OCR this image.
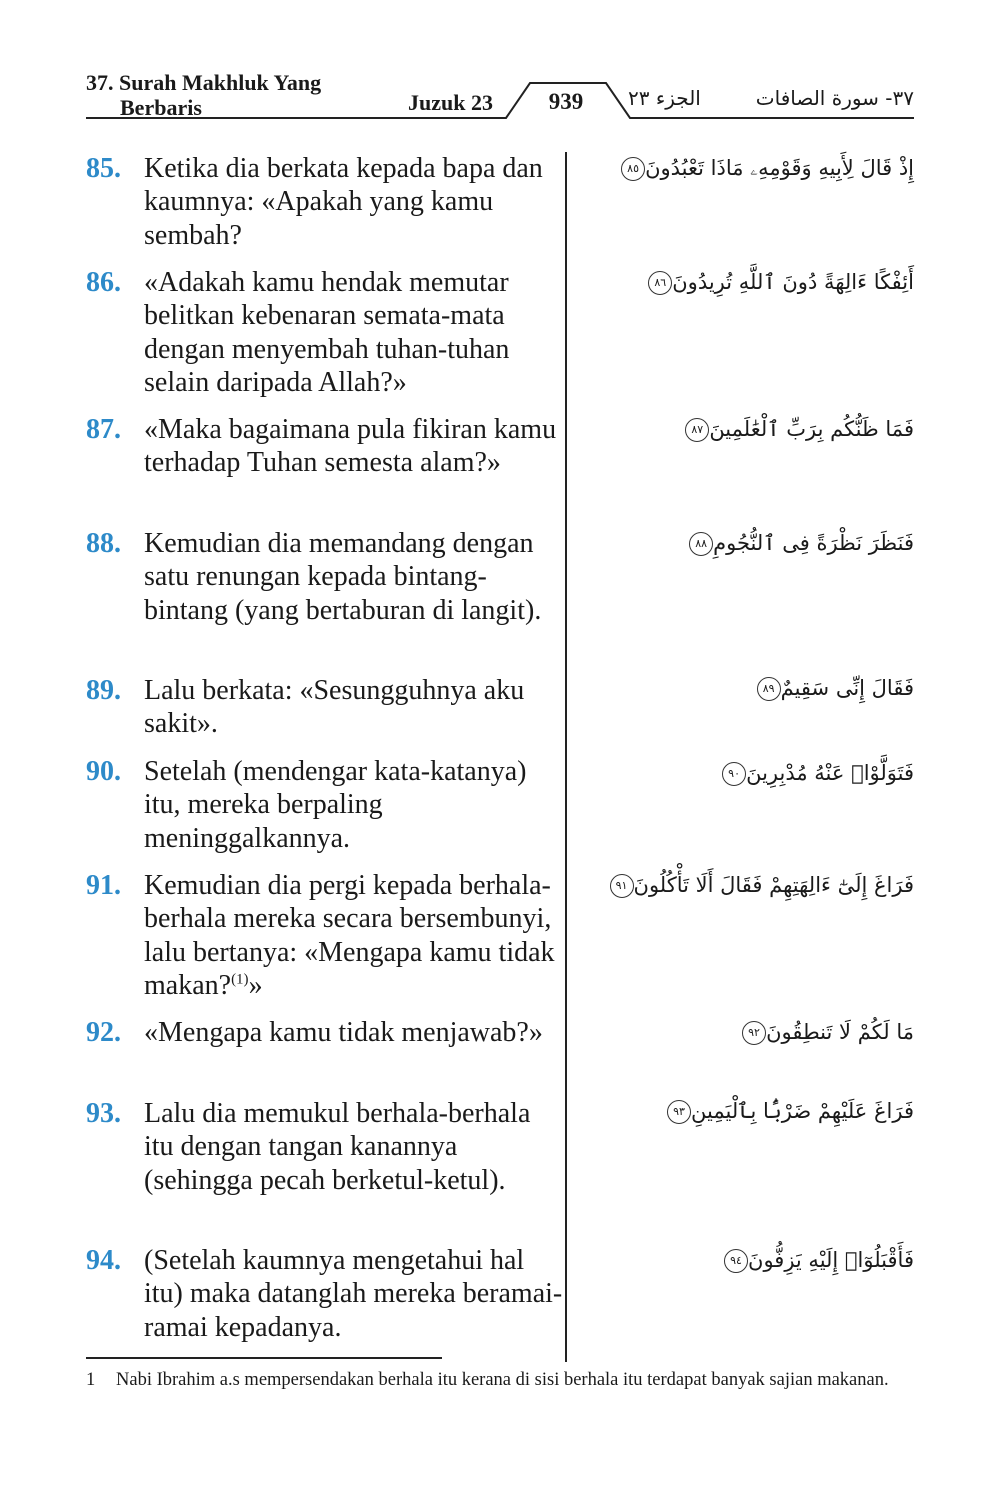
37. Surah Makhluk Yang
Berbaris	Juzuk 23	939	الجزء ٢٣	٣٧- سورة الصافات
85. Ketika dia berkata kepada bapa dan kaumnya: «Apakah yang kamu sembah?
إِذْ قَالَ لِأَبِيهِ وَقَوْمِهِۦ مَاذَا تَعْبُدُونَ٨٥
86. «Adakah kamu hendak memutar belitkan kebenaran semata-mata dengan menyembah tuhan-tuhan selain daripada Allah?»
أَئِفْكًا ءَالِهَةً دُونَ ٱللَّهِ تُرِيدُونَ٨٦
87. «Maka bagaimana pula fikiran kamu terhadap Tuhan semesta alam?»
فَمَا ظَنُّكُم بِرَبِّ ٱلْعَٰلَمِينَ٨٧
88. Kemudian dia memandang dengan satu renungan kepada bintang-bintang (yang bertaburan di langit).
فَنَظَرَ نَظْرَةً فِى ٱلنُّجُومِ٨٨
89. Lalu berkata: «Sesungguhnya aku sakit».
فَقَالَ إِنِّى سَقِيمٌ٨٩
90. Setelah (mendengar kata-katanya) itu, mereka berpaling meninggalkannya.
فَتَوَلَّوْا۟ عَنْهُ مُدْبِرِينَ٩٠
91. Kemudian dia pergi kepada berhala-berhala mereka secara bersembunyi, lalu bertanya: «Mengapa kamu tidak makan?$^{(1)}$»
فَرَاغَ إِلَىٰٓ ءَالِهَتِهِمْ فَقَالَ أَلَا تَأْكُلُونَ٩١
92. «Mengapa kamu tidak menjawab?»	مَا لَكُمْ لَا تَنطِقُونَ٩٢
93. Lalu dia memukul berhala-berhala itu dengan tangan kanannya (sehingga pecah berketul-ketul).
فَرَاغَ عَلَيْهِمْ ضَرْبًۢا بِٱلْيَمِينِ٩٣
94. (Setelah kaumnya mengetahui hal itu) maka datanglah mereka beramai-ramai kepadanya.
فَأَقْبَلُوٓا۟ إِلَيْهِ يَزِفُّونَ٩٤
1 Nabi Ibrahim a.s mempersendakan berhala itu kerana di sisi berhala itu terdapat banyak sajian makanan.
